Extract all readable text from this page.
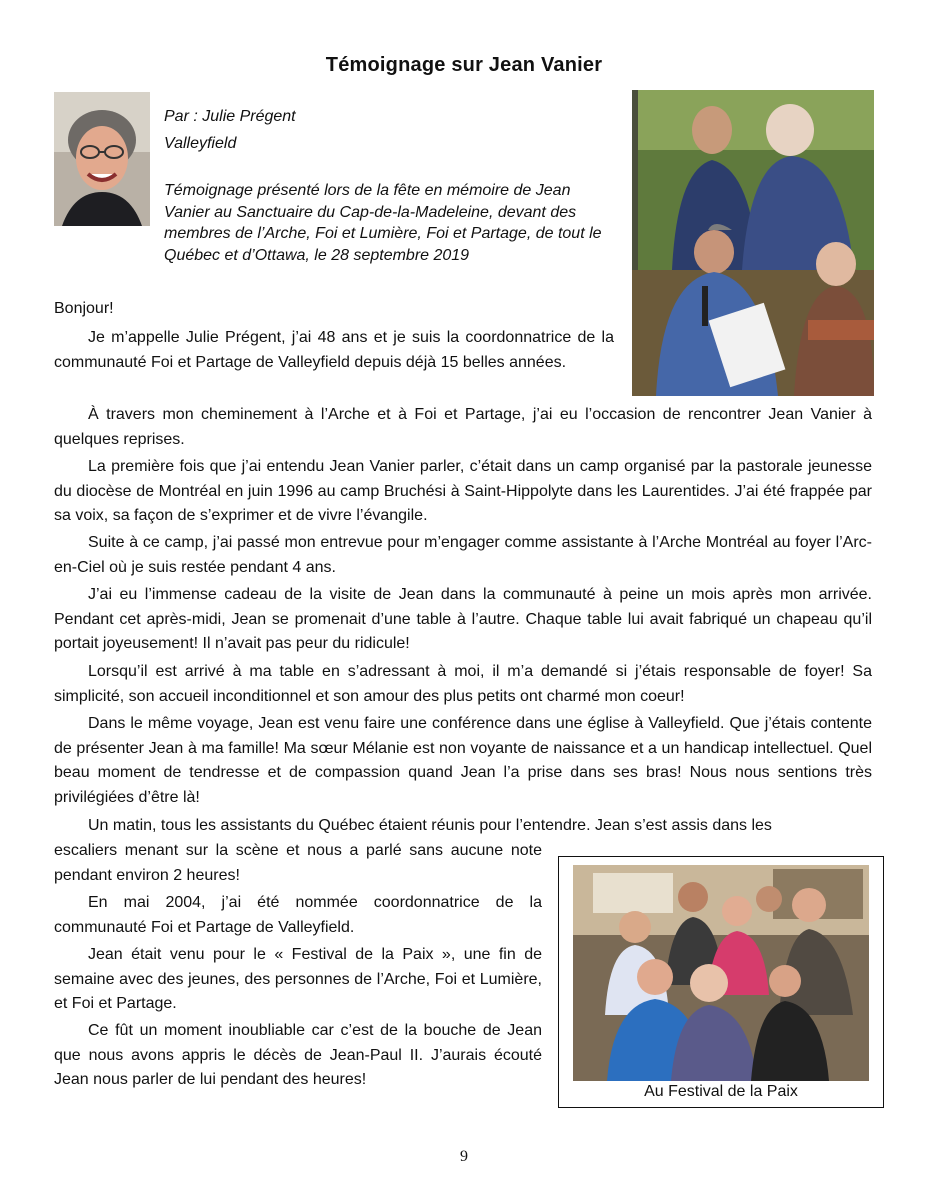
Témoignage sur Jean Vanier
Par : Julie Prégent
Valleyfield
Témoignage présenté lors de la fête en mémoire de Jean Vanier au Sanctuaire du Cap-de-la-Madeleine, devant des membres de l’Arche, Foi et Lumière, Foi et Partage, de tout le Québec et d’Ottawa, le 28 septembre 2019

Bonjour!

Je m’appelle Julie Prégent, j’ai 48 ans et je suis la coordonnatrice de la communauté Foi et Partage de Valleyfield depuis déjà 15 belles années.

À travers mon cheminement à l’Arche et à Foi et Partage, j’ai eu l’occasion de rencontrer Jean Vanier à quelques reprises.

La première fois que j’ai entendu Jean Vanier parler, c’était dans un camp organisé par la pastorale jeunesse du diocèse de Montréal en juin 1996 au camp Bruchési à Saint-Hippolyte dans les Laurentides. J’ai été frappée par sa voix, sa façon de s’exprimer et de vivre l’évangile.

Suite à ce camp, j’ai passé mon entrevue pour m’engager comme assistante à l’Arche Montréal au foyer l’Arc-en-Ciel où je suis restée pendant 4 ans.

J’ai eu l’immense cadeau de la visite de Jean dans la communauté à peine un mois après mon arrivée. Pendant cet après-midi, Jean se promenait d’une table à l’autre. Chaque table lui avait fabriqué un chapeau qu’il portait joyeusement! Il n’avait pas peur du ridicule!

Lorsqu’il est arrivé à ma table en s’adressant à moi, il m’a demandé si j’étais responsable de foyer! Sa simplicité, son accueil inconditionnel et son amour des plus petits ont charmé mon coeur!

Dans le même voyage, Jean est venu faire une conférence dans une église à Valleyfield. Que j’étais contente de présenter Jean à ma famille! Ma sœur Mélanie est non voyante de naissance et a un handicap intellectuel. Quel beau moment de tendresse et de compassion quand Jean l’a prise dans ses bras! Nous nous sentions très privilégiées d’être là!

Un matin, tous les assistants du Québec étaient réunis pour l’entendre. Jean s’est assis dans les

escaliers menant sur la scène et nous a parlé sans aucune note pendant environ 2 heures!

En mai 2004, j’ai été nommée coordonnatrice de la communauté Foi et Partage de Valleyfield.

Jean était venu pour le « Festival de la Paix », une fin de semaine avec des jeunes, des personnes de l’Arche, Foi et Lumière, et Foi et Partage.

Ce fût un moment inoubliable car c’est de la bouche de Jean que nous avons appris le décès de Jean-Paul II. J’aurais écouté Jean nous parler de lui pendant des heures!

Au Festival de la Paix
9
